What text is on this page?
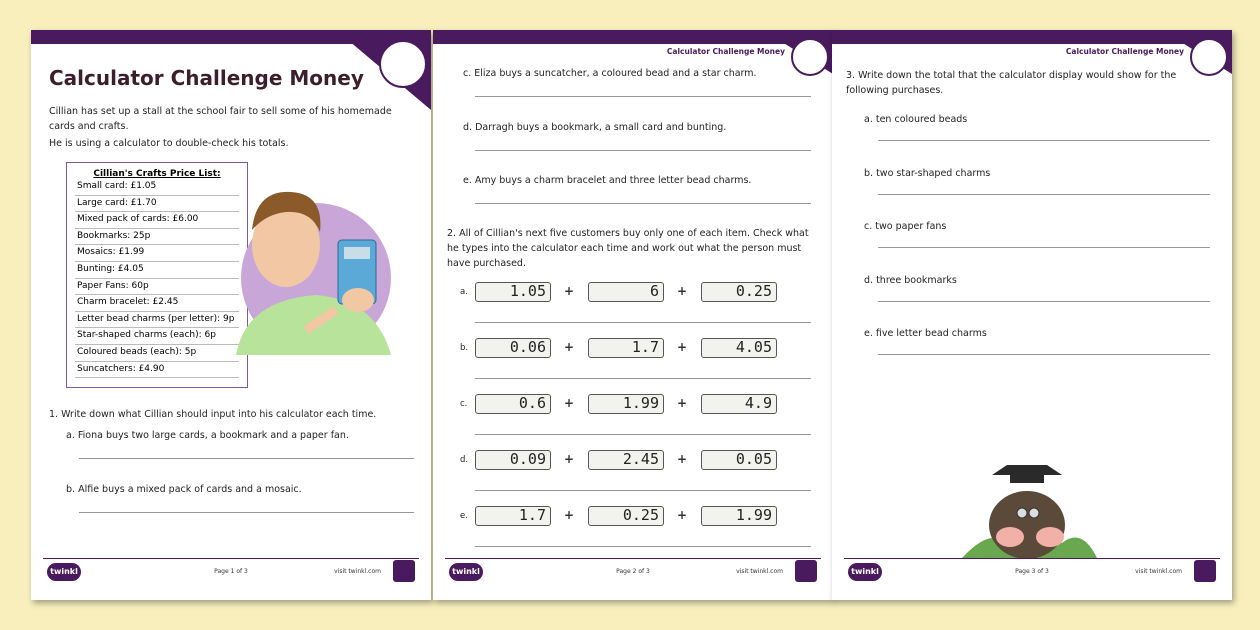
Calculator Challenge Money
Cillian has set up a stall at the school fair to sell some of his homemade cards and crafts.
He is using a calculator to double-check his totals.
Cillian's Crafts Price List:
Small card: £1.05
Large card: £1.70
Mixed pack of cards: £6.00
Bookmarks: 25p
Mosaics: £1.99
Bunting: £4.05
Paper Fans: 60p
Charm bracelet: £2.45
Letter bead charms (per letter): 9p
Star-shaped charms (each): 6p
Coloured beads (each): 5p
Suncatchers: £4.90
1. Write down what Cillian should input into his calculator each time.
a. Fiona buys two large cards, a bookmark and a paper fan.
b. Alfie buys a mixed pack of cards and a mosaic.
twinkl	Page 1 of 3	visit twinkl.com
Calculator Challenge Money
c. Eliza buys a suncatcher, a coloured bead and a star charm.
d. Darragh buys a bookmark, a small card and bunting.
e. Amy buys a charm bracelet and three letter bead charms.
2. All of Cillian's next five customers buy only one of each item. Check what he types into the calculator each time and work out what the person must have purchased.
a.	1.05	+	6	+	0.25
b.	0.06	+	1.7	+	4.05
c.	0.6	+	1.99	+	4.9
d.	0.09	+	2.45	+	0.05
e.	1.7	+	0.25	+	1.99
twinkl	Page 2 of 3	visit twinkl.com
Calculator Challenge Money
3. Write down the total that the calculator display would show for the following purchases.
a. ten coloured beads
b. two star-shaped charms
c. two paper fans
d. three bookmarks
e. five letter bead charms
twinkl	Page 3 of 3	visit twinkl.com
